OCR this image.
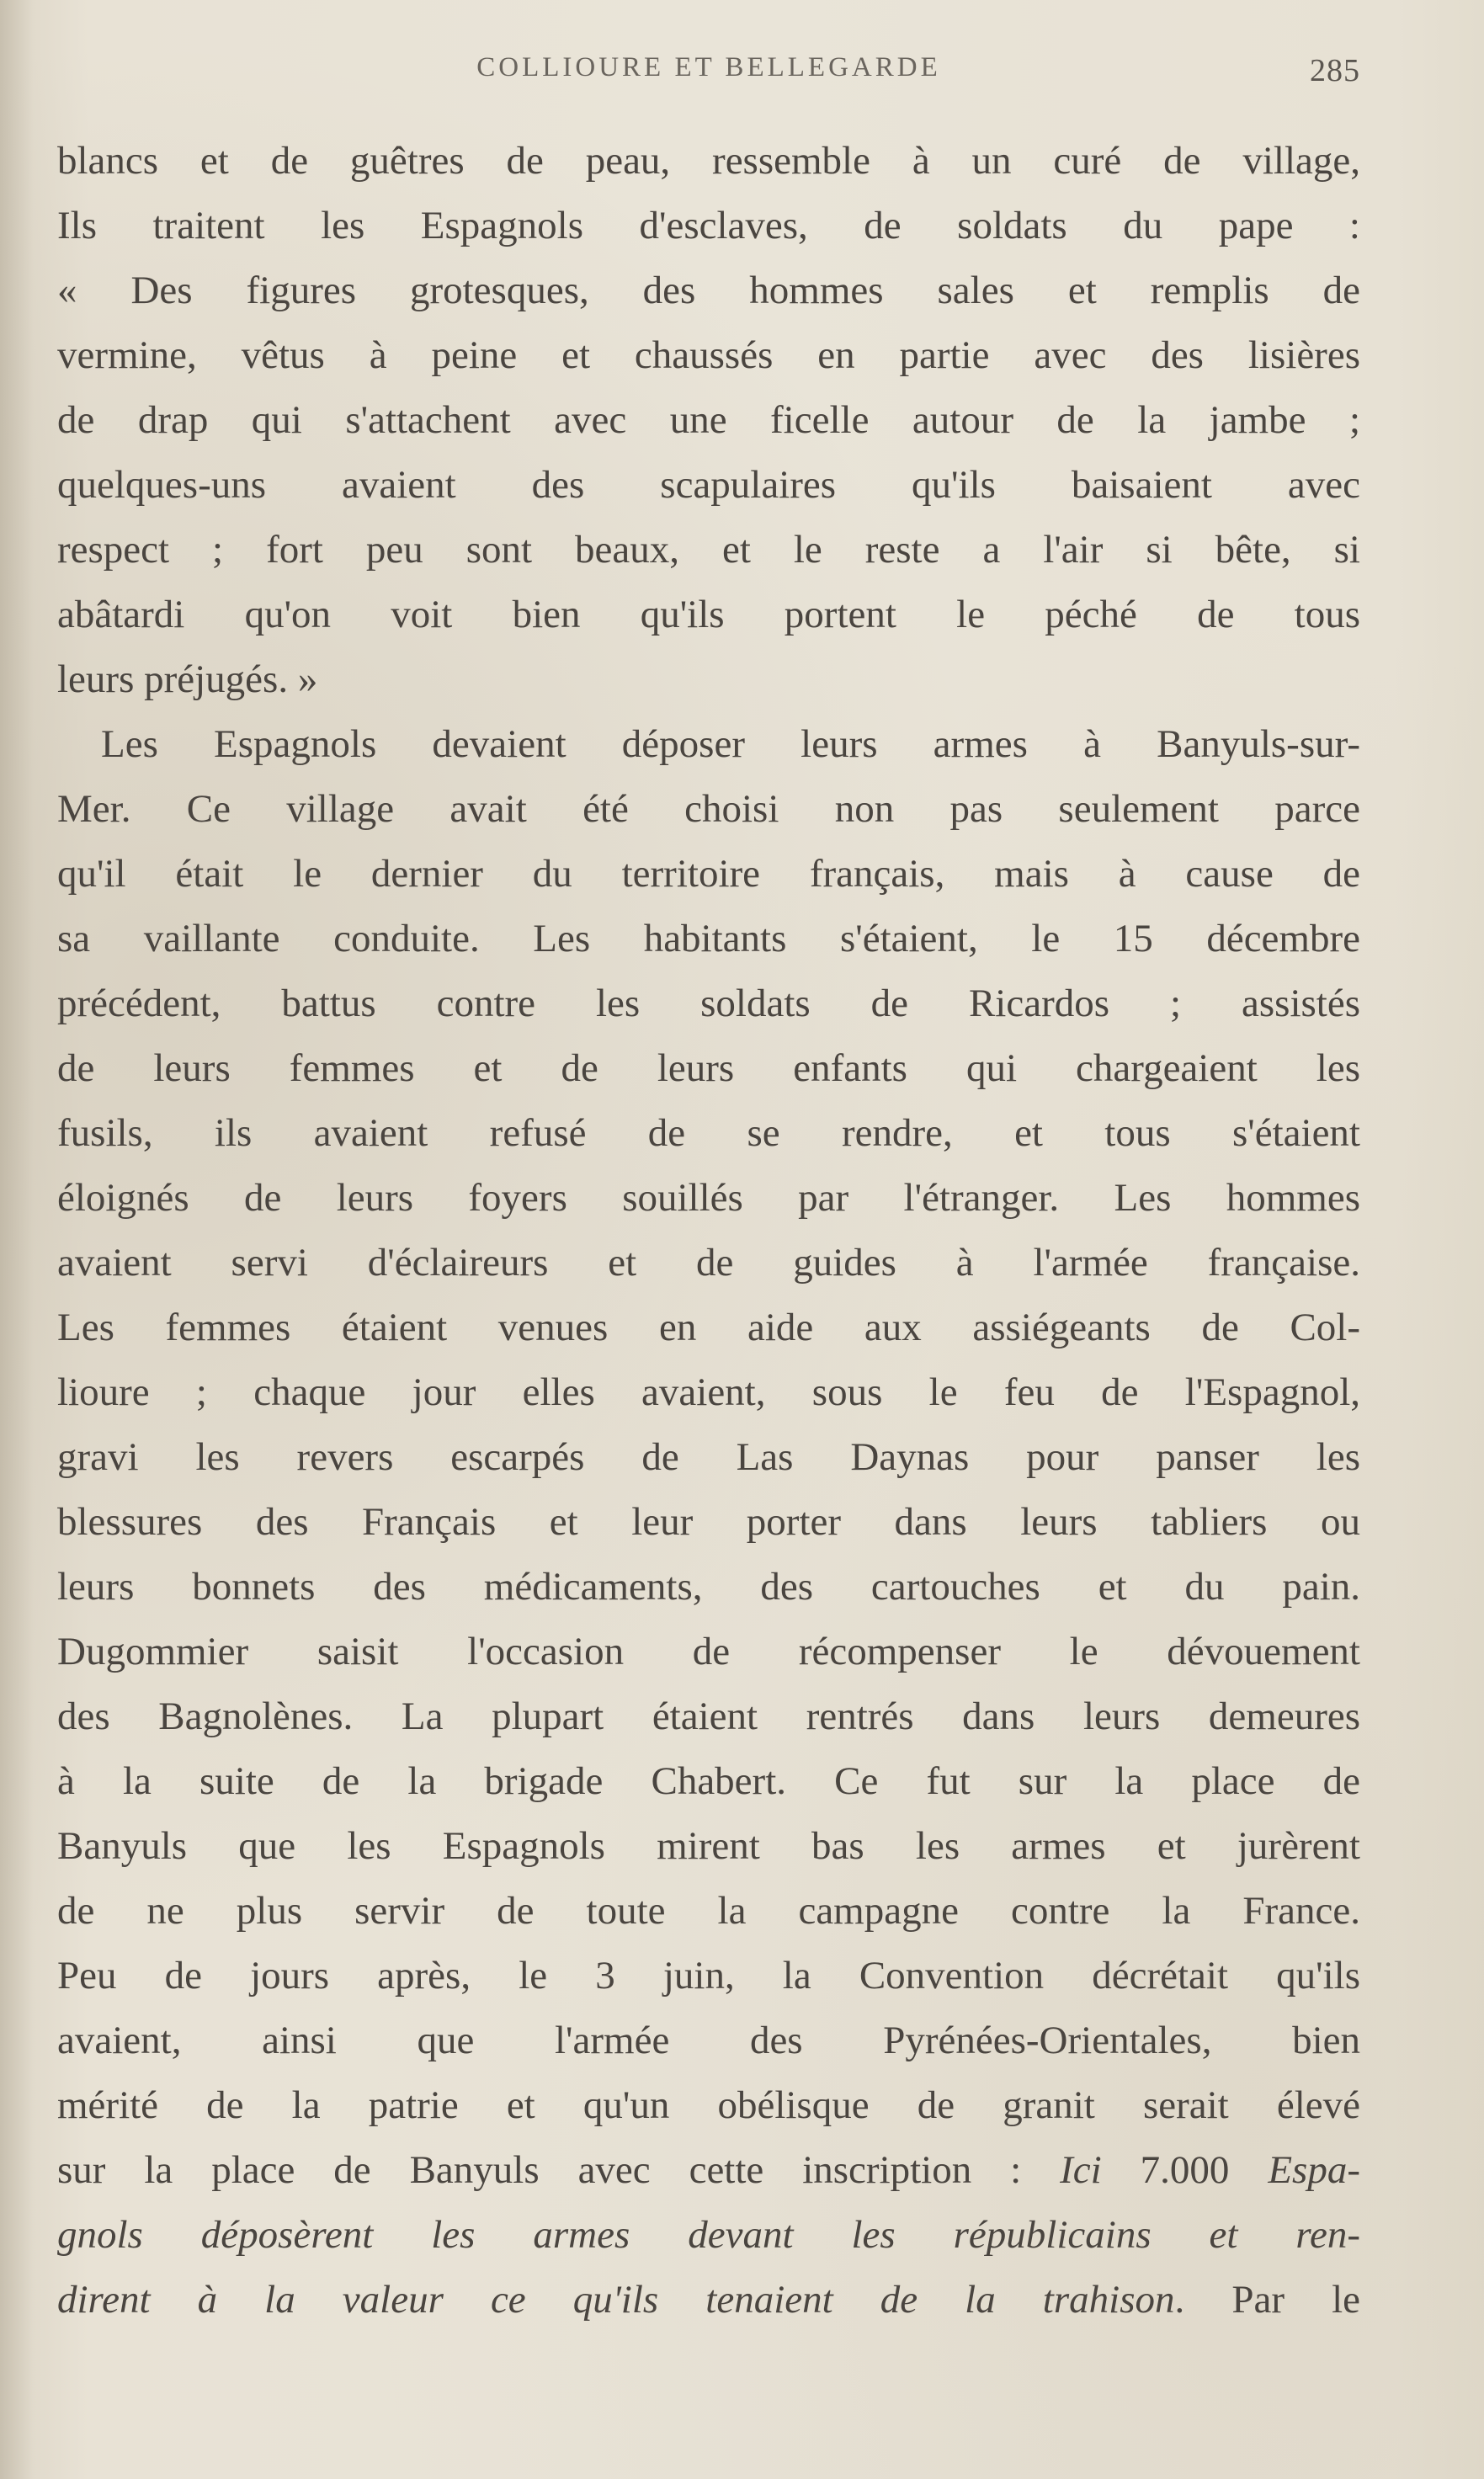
COLLIOURE ET BELLEGARDE	285
blancs et de guêtres de peau, ressemble à un curé de village,
Ils traitent les Espagnols d'esclaves, de soldats du pape :
« Des figures grotesques, des hommes sales et remplis de
vermine, vêtus à peine et chaussés en partie avec des lisières
de drap qui s'attachent avec une ficelle autour de la jambe ;
quelques-uns avaient des scapulaires qu'ils baisaient avec
respect ; fort peu sont beaux, et le reste a l'air si bête, si
abâtardi qu'on voit bien qu'ils portent le péché de tous
leurs préjugés. »
Les Espagnols devaient déposer leurs armes à Banyuls-sur-
Mer. Ce village avait été choisi non pas seulement parce
qu'il était le dernier du territoire français, mais à cause de
sa vaillante conduite. Les habitants s'étaient, le 15 décembre
précédent, battus contre les soldats de Ricardos ; assistés
de leurs femmes et de leurs enfants qui chargeaient les
fusils, ils avaient refusé de se rendre, et tous s'étaient
éloignés de leurs foyers souillés par l'étranger. Les hommes
avaient servi d'éclaireurs et de guides à l'armée française.
Les femmes étaient venues en aide aux assiégeants de Col-
lioure ; chaque jour elles avaient, sous le feu de l'Espagnol,
gravi les revers escarpés de Las Daynas pour panser les
blessures des Français et leur porter dans leurs tabliers ou
leurs bonnets des médicaments, des cartouches et du pain.
Dugommier saisit l'occasion de récompenser le dévouement
des Bagnolènes. La plupart étaient rentrés dans leurs demeures
à la suite de la brigade Chabert. Ce fut sur la place de
Banyuls que les Espagnols mirent bas les armes et jurèrent
de ne plus servir de toute la campagne contre la France.
Peu de jours après, le 3 juin, la Convention décrétait qu'ils
avaient, ainsi que l'armée des Pyrénées-Orientales, bien
mérité de la patrie et qu'un obélisque de granit serait élevé
sur la place de Banyuls avec cette inscription : Ici 7.000 Espa-
gnols déposèrent les armes devant les républicains et ren-
dirent à la valeur ce qu'ils tenaient de la trahison. Par le
